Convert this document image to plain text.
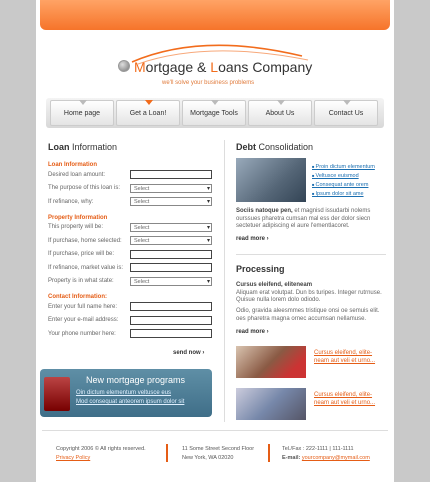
Mortgage & Loans Company
we'll solve your business problems
Home page	Get a Loan!	Mortgage Tools	About Us	Contact Us
Loan Information
Loan Information
Desired loan amount:
The purpose of this loan is:	Select ▾
If refinance, why:	Select ▾
Property Information
This property will be:	Select ▾
If purchase, home selected:	Select ▾
If purchase, price will be:
If refinance, market value is:
Property is in what state:	Select ▾
Contact Information:
Enter your full name here:
Enter your e-mail address:
Your phone number here:
send now ›
New mortgage programs
Oin dictum elementum veltusce eus
Mod consequat anteorem ipsum dolor sit
Debt Consolidation
■ Proin dictum elementum
■ Veltusce euismod
■ Consequat ante orem
■ Ipsum dolor sit ame
Sociis natoque pen, et magnisd issudarbi nolems ourssues pharetra cumsan mal ess der dolor siecn sectetuer adipiscing el aure l'ementlacoret.
read more ›
Processing
Cursus eleifend, eliteneam
Aliquam erat volutpat. Dun bs turipes. Integer rutrnuse. Quisue nulla lorem dolo odiodo.
Odio, gravida aleesmmes tristique onsi oe semuis elit. oes pharetra magna ornec accumsan nellamuse.
read more ›
Cursus eleifend, elite-neam aut veli et urno...
Cursus eleifend, elite-neam aut veli et urno...
Copyright 2006 © All rights reserved.
Privacy Policy
11 Some Street Second Floor
New York, WA 02020
Tel./Fax : 222-1111 | 111-1111
E-mail: yourcompany@mymail.com
